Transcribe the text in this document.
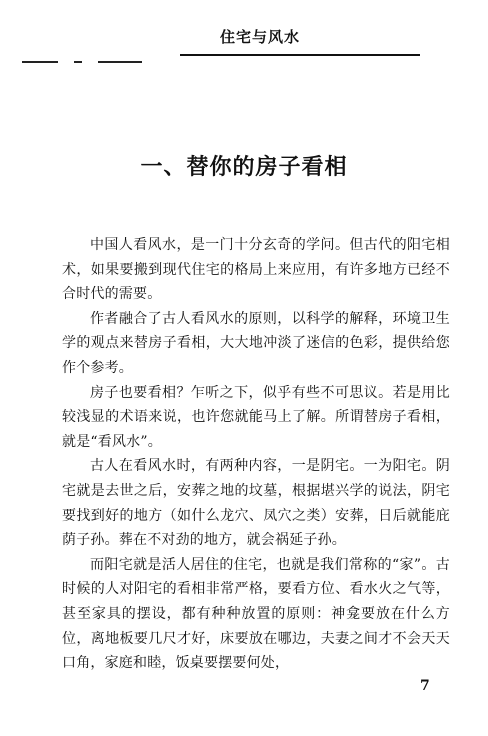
住宅与风水
一、替你的房子看相

中国人看风水，是一门十分玄奇的学问。但古代的阳宅相术，如果要搬到现代住宅的格局上来应用，有许多地方已经不合时代的需要。

作者融合了古人看风水的原则，以科学的解释，环境卫生学的观点来替房子看相，大大地冲淡了迷信的色彩，提供给您作个参考。

房子也要看相？乍听之下，似乎有些不可思议。若是用比较浅显的术语来说，也许您就能马上了解。所谓替房子看相，就是“看风水”。

古人在看风水时，有两种内容，一是阴宅。一为阳宅。阴宅就是去世之后，安葬之地的坟墓，根据堪兴学的说法，阴宅要找到好的地方（如什么龙穴、凤穴之类）安葬，日后就能庇荫子孙。葬在不对劲的地方，就会祸延子孙。

而阳宅就是活人居住的住宅，也就是我们常称的“家”。古时候的人对阳宅的看相非常严格，要看方位、看水火之气等，甚至家具的摆设，都有种种放置的原则：神龛要放在什么方位，离地板要几尺才好，床要放在哪边，夫妻之间才不会天天口角，家庭和睦，饭桌要摆要何处，

7
